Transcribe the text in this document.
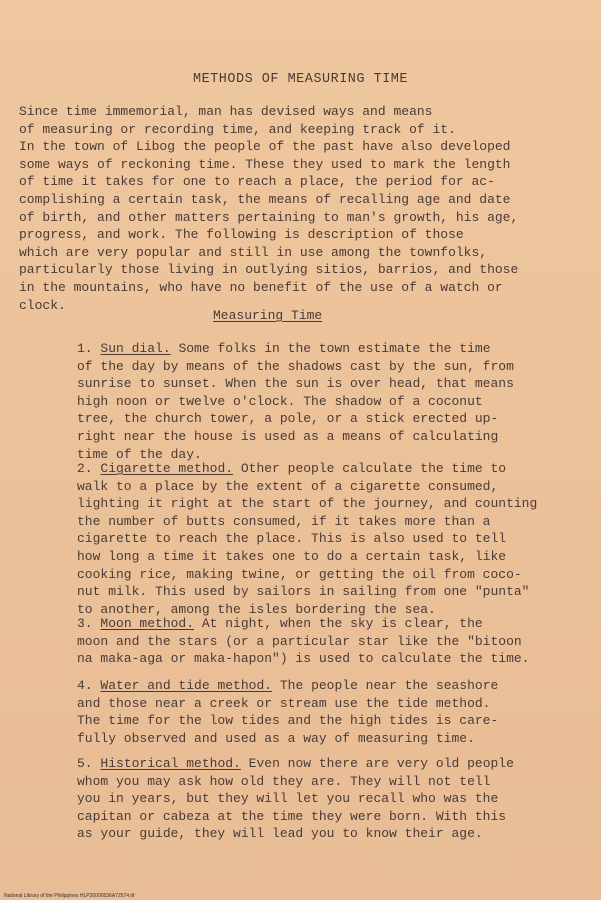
METHODS OF MEASURING TIME

Since time immemorial, man has devised ways and means
of measuring or recording time, and keeping track of it.
In the town of Libog the people of the past have also developed
some ways of reckoning time. These they used to mark the length
of time it takes for one to reach a place, the period for ac-
complishing a certain task, the means of recalling age and date
of birth, and other matters pertaining to man's growth, his age,
progress, and work. The following is description of those
which are very popular and still in use among the townfolks,
particularly those living in outlying sitios, barrios, and those
in the mountains, who have no benefit of the use of a watch or
clock.

Measuring Time

1. Sun dial. Some folks in the town estimate the time
of the day by means of the shadows cast by the sun, from
sunrise to sunset. When the sun is over head, that means
high noon or twelve o'clock. The shadow of a coconut
tree, the church tower, a pole, or a stick erected up-
right near the house is used as a means of calculating
time of the day.

2. Cigarette method. Other people calculate the time to
walk to a place by the extent of a cigarette consumed,
lighting it right at the start of the journey, and counting
the number of butts consumed, if it takes more than a
cigarette to reach the place. This is also used to tell
how long a time it takes one to do a certain task, like
cooking rice, making twine, or getting the oil from coco-
nut milk. This used by sailors in sailing from one "punta"
to another, among the isles bordering the sea.

3. Moon method. At night, when the sky is clear, the
moon and the stars (or a particular star like the "bitoon
na maka-aga or maka-hapon") is used to calculate the time.

4. Water and tide method. The people near the seashore
and those near a creek or stream use the tide method.
The time for the low tides and the high tides is care-
fully observed and used as a way of measuring time.

5. Historical method. Even now there are very old people
whom you may ask how old they are. They will not tell
you in years, but they will let you recall who was the
capitan or cabeza at the time they were born. With this
as your guide, they will lead you to know their age.

National Library of the Philippines HLP20000536A72574.tif
